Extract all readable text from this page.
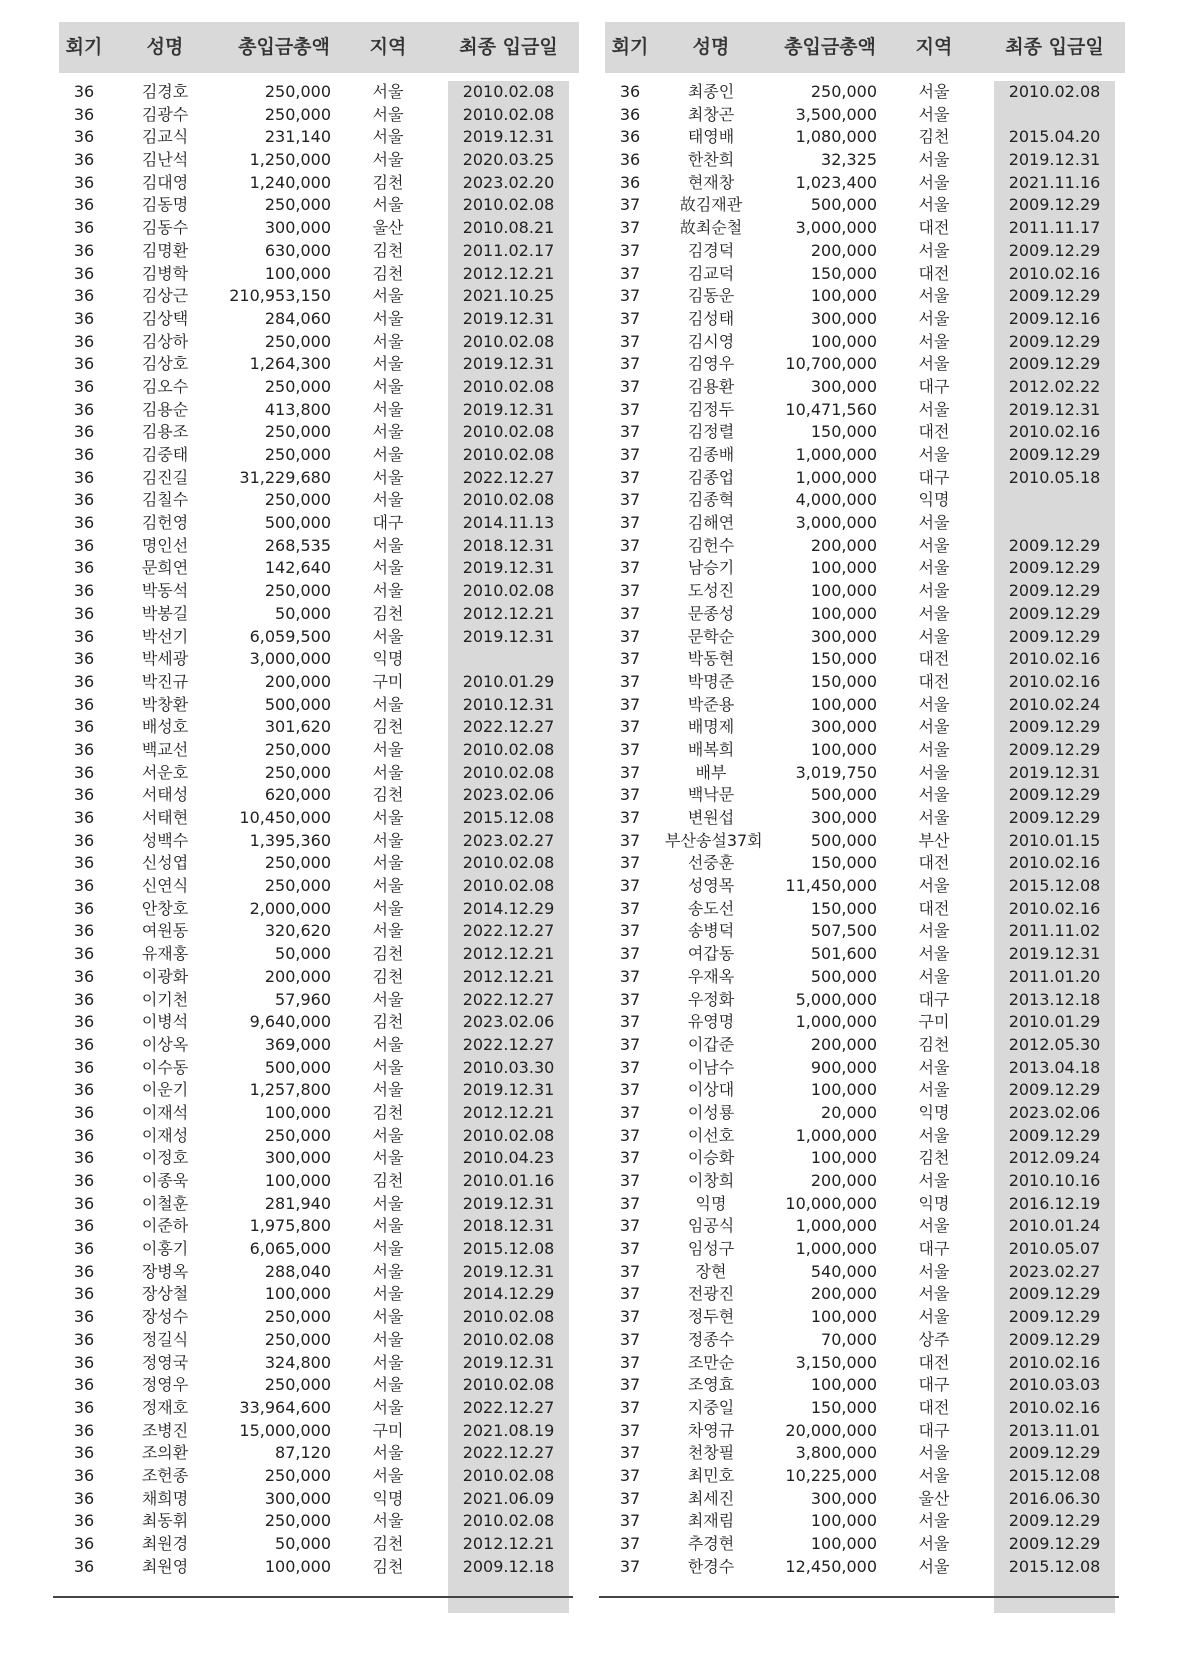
회기	성명	총입금총액	지역	최종 입금일
36	김경호	250,000	서울	2010.02.08
36	김광수	250,000	서울	2010.02.08
36	김교식	231,140	서울	2019.12.31
36	김난석	1,250,000	서울	2020.03.25
36	김대영	1,240,000	김천	2023.02.20
36	김동명	250,000	서울	2010.02.08
36	김동수	300,000	울산	2010.08.21
36	김명환	630,000	김천	2011.02.17
36	김병학	100,000	김천	2012.12.21
36	김상근	210,953,150	서울	2021.10.25
36	김상택	284,060	서울	2019.12.31
36	김상하	250,000	서울	2010.02.08
36	김상호	1,264,300	서울	2019.12.31
36	김오수	250,000	서울	2010.02.08
36	김용순	413,800	서울	2019.12.31
36	김용조	250,000	서울	2010.02.08
36	김중태	250,000	서울	2010.02.08
36	김진길	31,229,680	서울	2022.12.27
36	김칠수	250,000	서울	2010.02.08
36	김헌영	500,000	대구	2014.11.13
36	명인선	268,535	서울	2018.12.31
36	문희연	142,640	서울	2019.12.31
36	박동석	250,000	서울	2010.02.08
36	박봉길	50,000	김천	2012.12.21
36	박선기	6,059,500	서울	2019.12.31
36	박세광	3,000,000	익명
36	박진규	200,000	구미	2010.01.29
36	박창환	500,000	서울	2010.12.31
36	배성호	301,620	김천	2022.12.27
36	백교선	250,000	서울	2010.02.08
36	서운호	250,000	서울	2010.02.08
36	서태성	620,000	김천	2023.02.06
36	서태현	10,450,000	서울	2015.12.08
36	성백수	1,395,360	서울	2023.02.27
36	신성엽	250,000	서울	2010.02.08
36	신연식	250,000	서울	2010.02.08
36	안창호	2,000,000	서울	2014.12.29
36	여원동	320,620	서울	2022.12.27
36	유재홍	50,000	김천	2012.12.21
36	이광화	200,000	김천	2012.12.21
36	이기천	57,960	서울	2022.12.27
36	이병석	9,640,000	김천	2023.02.06
36	이상옥	369,000	서울	2022.12.27
36	이수동	500,000	서울	2010.03.30
36	이운기	1,257,800	서울	2019.12.31
36	이재석	100,000	김천	2012.12.21
36	이재성	250,000	서울	2010.02.08
36	이정호	300,000	서울	2010.04.23
36	이종욱	100,000	김천	2010.01.16
36	이철훈	281,940	서울	2019.12.31
36	이준하	1,975,800	서울	2018.12.31
36	이홍기	6,065,000	서울	2015.12.08
36	장병옥	288,040	서울	2019.12.31
36	장상철	100,000	서울	2014.12.29
36	장성수	250,000	서울	2010.02.08
36	정길식	250,000	서울	2010.02.08
36	정영국	324,800	서울	2019.12.31
36	정영우	250,000	서울	2010.02.08
36	정재호	33,964,600	서울	2022.12.27
36	조병진	15,000,000	구미	2021.08.19
36	조의환	87,120	서울	2022.12.27
36	조헌종	250,000	서울	2010.02.08
36	채희명	300,000	익명	2021.06.09
36	최동휘	250,000	서울	2010.02.08
36	최원경	50,000	김천	2012.12.21
36	최원영	100,000	김천	2009.12.18
회기	성명	총입금총액	지역	최종 입금일
36	최종인	250,000	서울	2010.02.08
36	최창곤	3,500,000	서울
36	태영배	1,080,000	김천	2015.04.20
36	한찬희	32,325	서울	2019.12.31
36	현재창	1,023,400	서울	2021.11.16
37	故김재관	500,000	서울	2009.12.29
37	故최순철	3,000,000	대전	2011.11.17
37	김경덕	200,000	서울	2009.12.29
37	김교덕	150,000	대전	2010.02.16
37	김동운	100,000	서울	2009.12.29
37	김성태	300,000	서울	2009.12.16
37	김시영	100,000	서울	2009.12.29
37	김영우	10,700,000	서울	2009.12.29
37	김용환	300,000	대구	2012.02.22
37	김정두	10,471,560	서울	2019.12.31
37	김정렬	150,000	대전	2010.02.16
37	김종배	1,000,000	서울	2009.12.29
37	김종업	1,000,000	대구	2010.05.18
37	김종혁	4,000,000	익명
37	김해연	3,000,000	서울
37	김헌수	200,000	서울	2009.12.29
37	남승기	100,000	서울	2009.12.29
37	도성진	100,000	서울	2009.12.29
37	문종성	100,000	서울	2009.12.29
37	문학순	300,000	서울	2009.12.29
37	박동현	150,000	대전	2010.02.16
37	박명준	150,000	대전	2010.02.16
37	박준용	100,000	서울	2010.02.24
37	배명제	300,000	서울	2009.12.29
37	배복희	100,000	서울	2009.12.29
37	배부	3,019,750	서울	2019.12.31
37	백낙문	500,000	서울	2009.12.29
37	변원섭	300,000	서울	2009.12.29
37	부산송설37회	500,000	부산	2010.01.15
37	선중훈	150,000	대전	2010.02.16
37	성영목	11,450,000	서울	2015.12.08
37	송도선	150,000	대전	2010.02.16
37	송병덕	507,500	서울	2011.11.02
37	여갑동	501,600	서울	2019.12.31
37	우재옥	500,000	서울	2011.01.20
37	우정화	5,000,000	대구	2013.12.18
37	유영명	1,000,000	구미	2010.01.29
37	이갑준	200,000	김천	2012.05.30
37	이남수	900,000	서울	2013.04.18
37	이상대	100,000	서울	2009.12.29
37	이성룡	20,000	익명	2023.02.06
37	이선호	1,000,000	서울	2009.12.29
37	이승화	100,000	김천	2012.09.24
37	이창희	200,000	서울	2010.10.16
37	익명	10,000,000	익명	2016.12.19
37	임공식	1,000,000	서울	2010.01.24
37	임성구	1,000,000	대구	2010.05.07
37	장현	540,000	서울	2023.02.27
37	전광진	200,000	서울	2009.12.29
37	정두현	100,000	서울	2009.12.29
37	정종수	70,000	상주	2009.12.29
37	조만순	3,150,000	대전	2010.02.16
37	조영효	100,000	대구	2010.03.03
37	지중일	150,000	대전	2010.02.16
37	차영규	20,000,000	대구	2013.11.01
37	천창필	3,800,000	서울	2009.12.29
37	최민호	10,225,000	서울	2015.12.08
37	최세진	300,000	울산	2016.06.30
37	최재림	100,000	서울	2009.12.29
37	추경현	100,000	서울	2009.12.29
37	한경수	12,450,000	서울	2015.12.08
